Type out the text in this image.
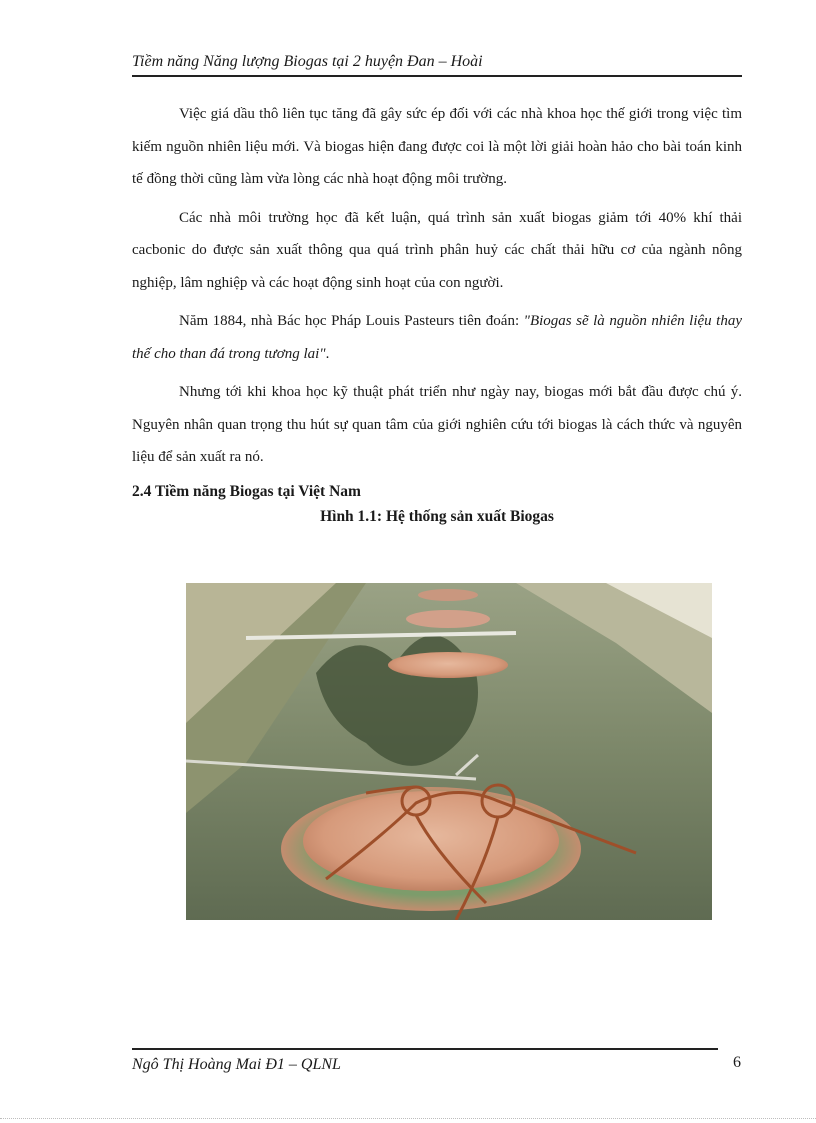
Tiềm năng Năng lượng Biogas tại 2 huyện Đan – Hoài

Việc giá dầu thô liên tục tăng đã gây sức ép đối với các nhà khoa học thế giới trong việc tìm kiếm nguồn nhiên liệu mới. Và biogas hiện đang được coi là một lời giải hoàn hảo cho bài toán kinh tế đồng thời cũng làm vừa lòng các nhà hoạt động môi trường.

Các nhà môi trường học đã kết luận, quá trình sản xuất biogas giảm tới 40% khí thải cacbonic do được sản xuất thông qua quá trình phân huỷ các chất thải hữu cơ của ngành nông nghiệp, lâm nghiệp và các hoạt động sinh hoạt của con người.

Năm 1884, nhà Bác học Pháp Louis Pasteurs tiên đoán: "Biogas sẽ là nguồn nhiên liệu thay thế cho than đá trong tương lai".

Nhưng tới khi khoa học kỹ thuật phát triển như ngày nay, biogas mới bắt đầu được chú ý. Nguyên nhân quan trọng thu hút sự quan tâm của giới nghiên cứu tới biogas là cách thức và nguyên liệu để sản xuất ra nó.

2.4 Tiềm năng Biogas tại Việt Nam
Hình 1.1: Hệ thống sản xuất Biogas
Ngô Thị Hoàng Mai Đ1 – QLNL	6
